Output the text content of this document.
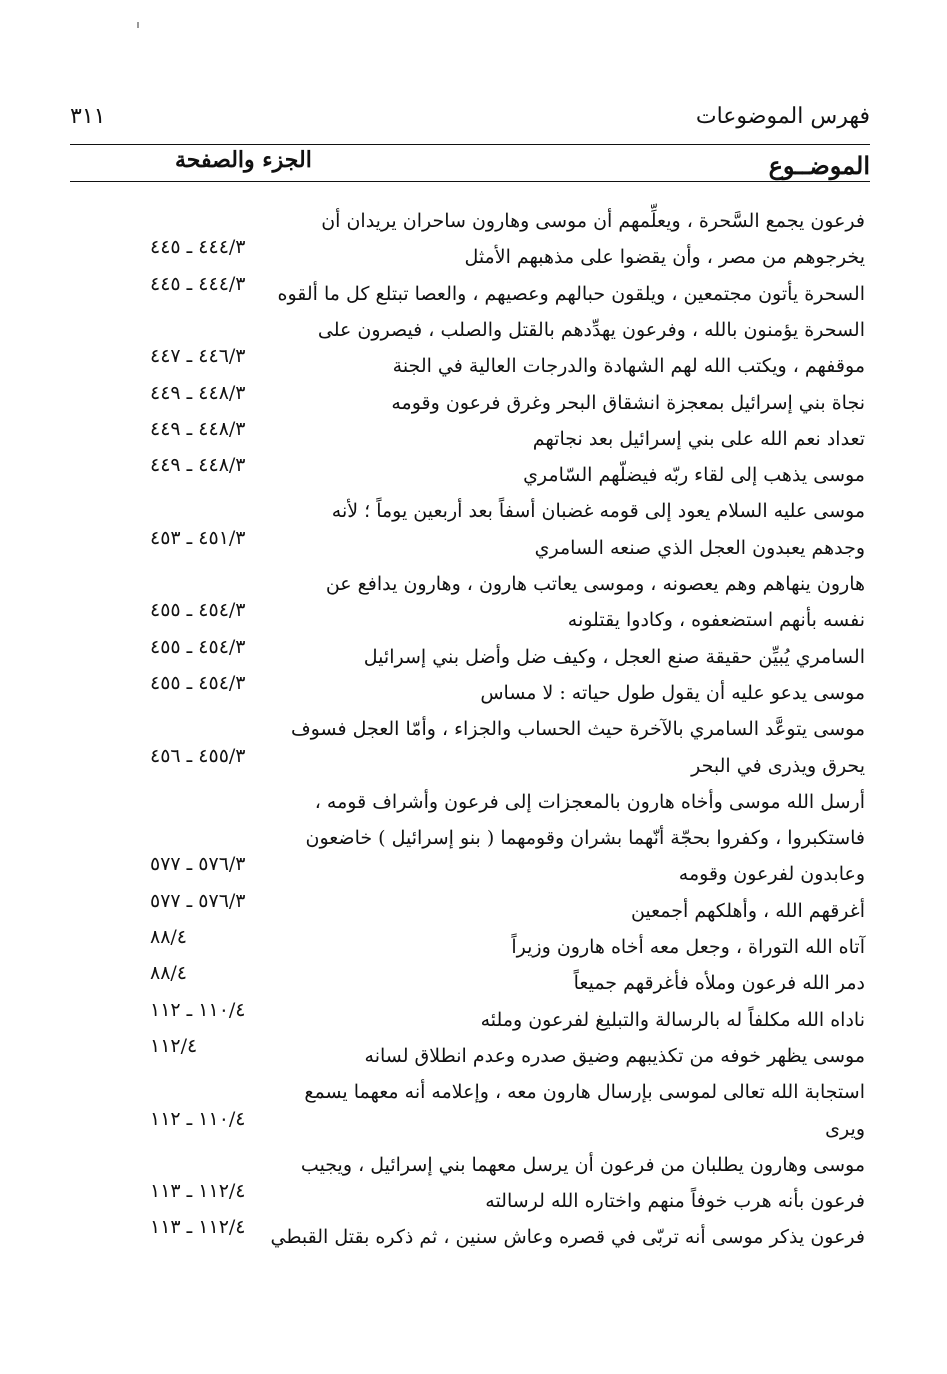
فهرس الموضوعات
٣١١
الموضــوع
الجزء والصفحة
فرعون يجمع السَّحرة ، ويعلِّمهم أن موسى وهارون ساحران يريدان أن
يخرجوهم من مصر ، وأن يقضوا على مذهبهم الأمثل
٤٤٤/٣ ـ ٤٤٥
السحرة يأتون مجتمعين ، ويلقون حبالهم وعصيهم ، والعصا تبتلع كل ما ألقوه
٤٤٤/٣ ـ ٤٤٥
السحرة يؤمنون بالله ، وفرعون يهدِّدهم بالقتل والصلب ، فيصرون على
موقفهم ، ويكتب الله لهم الشهادة والدرجات العالية في الجنة
٤٤٦/٣ ـ ٤٤٧
نجاة بني إسرائيل بمعجزة انشقاق البحر وغرق فرعون وقومه
٤٤٨/٣ ـ ٤٤٩
تعداد نعم الله على بني إسرائيل بعد نجاتهم
٤٤٨/٣ ـ ٤٤٩
موسى يذهب إلى لقاء ربّه فيضلّهم السّامري
٤٤٨/٣ ـ ٤٤٩
موسى عليه السلام يعود إلى قومه غضبان أسفاً بعد أربعين يوماً ؛ لأنه
وجدهم يعبدون العجل الذي صنعه السامري
٤٥١/٣ ـ ٤٥٣
هارون ينهاهم وهم يعصونه ، وموسى يعاتب هارون ، وهارون يدافع عن
نفسه بأنهم استضعفوه ، وكادوا يقتلونه
٤٥٤/٣ ـ ٤٥٥
السامري يُبيِّن حقيقة صنع العجل ، وكيف ضل وأضل بني إسرائيل
٤٥٤/٣ ـ ٤٥٥
موسى يدعو عليه أن يقول طول حياته : لا مساس
٤٥٤/٣ ـ ٤٥٥
موسى يتوعَّد السامري بالآخرة حيث الحساب والجزاء ، وأمّا العجل فسوف
يحرق ويذرى في البحر
٤٥٥/٣ ـ ٤٥٦
أرسل الله موسى وأخاه هارون بالمعجزات إلى فرعون وأشراف قومه ،
فاستكبروا ، وكفروا بحجّة أنّهما بشران وقومهما ( بنو إسرائيل ) خاضعون
وعابدون لفرعون وقومه
٥٧٦/٣ ـ ٥٧٧
أغرقهم الله ، وأهلكهم أجمعين
٥٧٦/٣ ـ ٥٧٧
آتاه الله التوراة ، وجعل معه أخاه هارون وزيراً
٨٨/٤
دمر الله فرعون وملأه فأغرقهم جميعاً
٨٨/٤
ناداه الله مكلفاً له بالرسالة والتبليغ لفرعون وملئه
١١٠/٤ ـ ١١٢
موسى يظهر خوفه من تكذيبهم وضيق صدره وعدم انطلاق لسانه
١١٢/٤
استجابة الله تعالى لموسى بإرسال هارون معه ، وإعلامه أنه معهما يسمع
ويرى
١١٠/٤ ـ ١١٢
موسى وهارون يطلبان من فرعون أن يرسل معهما بني إسرائيل ، ويجيب
فرعون بأنه هرب خوفاً منهم واختاره الله لرسالته
١١٢/٤ ـ ١١٣
فرعون يذكر موسى أنه تربّى في قصره وعاش سنين ، ثم ذكره بقتل القبطي
١١٢/٤ ـ ١١٣
